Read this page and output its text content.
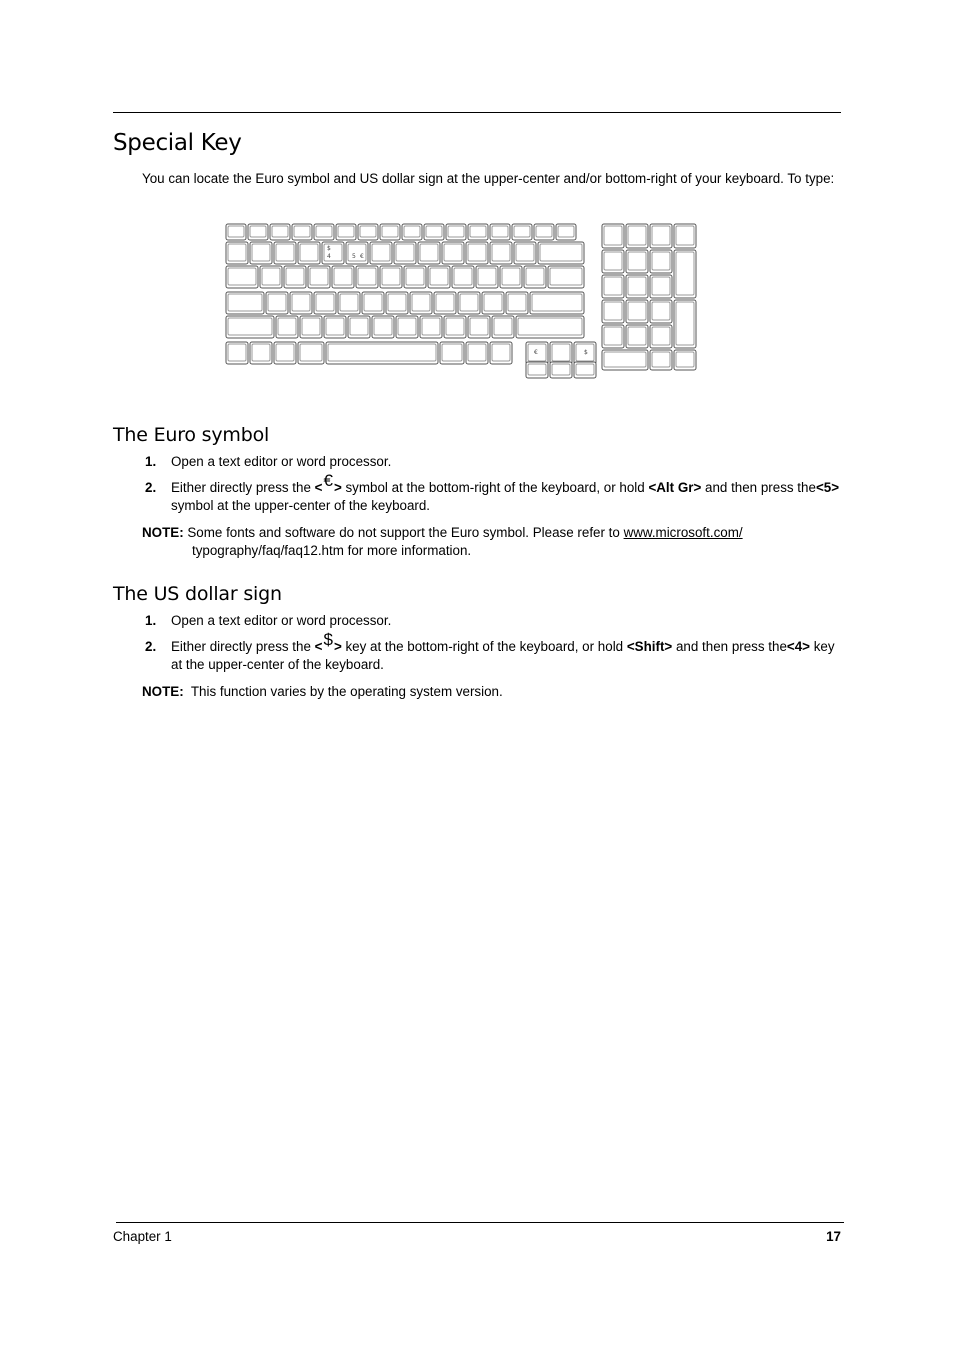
Special Key

You can locate the Euro symbol and US dollar sign at the upper-center and/or bottom-right of your keyboard. To type:

$
4	5 €
€	$
The Euro symbol
1. Open a text editor or word processor.
2. Either directly press the <€> symbol at the bottom-right of the keyboard, or hold <Alt Gr> and then press the<5> symbol at the upper-center of the keyboard.
NOTE: Some fonts and software do not support the Euro symbol. Please refer to www.microsoft.com/
typography/faq/faq12.htm for more information.
The US dollar sign
1. Open a text editor or word processor.
2. Either directly press the <$> key at the bottom-right of the keyboard, or hold <Shift> and then press the<4> key at the upper-center of the keyboard.
NOTE:  This function varies by the operating system version.
Chapter 1	17
